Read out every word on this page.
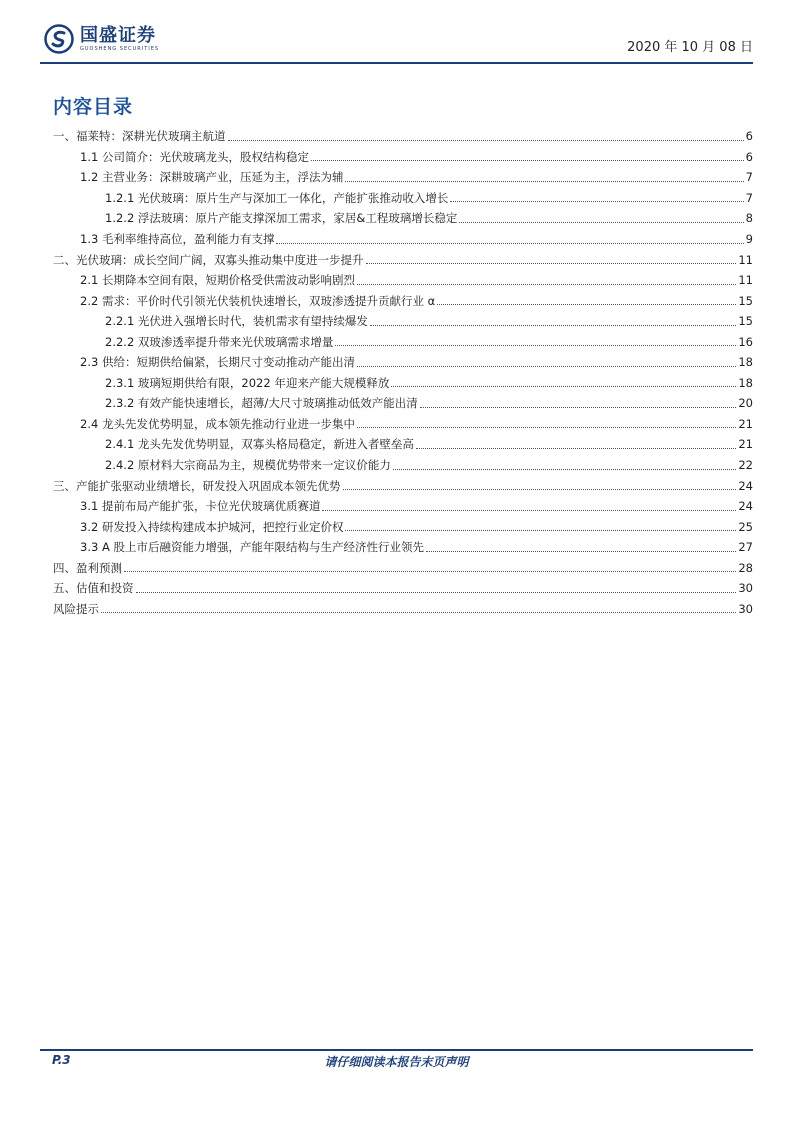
国盛证券
GUOSHENG SECURITIES	2020 年 10 月 08 日
内容目录
一、福莱特：深耕光伏玻璃主航道	6
1.1 公司简介：光伏玻璃龙头，股权结构稳定	6
1.2 主营业务：深耕玻璃产业，压延为主，浮法为辅	7
1.2.1 光伏玻璃：原片生产与深加工一体化，产能扩张推动收入增长	7
1.2.2 浮法玻璃：原片产能支撑深加工需求，家居&工程玻璃增长稳定	8
1.3 毛利率维持高位，盈利能力有支撑	9
二、光伏玻璃：成长空间广阔，双寡头推动集中度进一步提升	11
2.1 长期降本空间有限，短期价格受供需波动影响剧烈	11
2.2 需求：平价时代引领光伏装机快速增长，双玻渗透提升贡献行业 α	15
2.2.1 光伏进入强增长时代，装机需求有望持续爆发	15
2.2.2 双玻渗透率提升带来光伏玻璃需求增量	16
2.3 供给：短期供给偏紧，长期尺寸变动推动产能出清	18
2.3.1 玻璃短期供给有限，2022 年迎来产能大规模释放	18
2.3.2 有效产能快速增长，超薄/大尺寸玻璃推动低效产能出清	20
2.4 龙头先发优势明显，成本领先推动行业进一步集中	21
2.4.1 龙头先发优势明显，双寡头格局稳定，新进入者壁垒高	21
2.4.2 原材料大宗商品为主，规模优势带来一定议价能力	22
三、产能扩张驱动业绩增长，研发投入巩固成本领先优势	24
3.1 提前布局产能扩张，卡位光伏玻璃优质赛道	24
3.2 研发投入持续构建成本护城河，把控行业定价权	25
3.3 A 股上市后融资能力增强，产能年限结构与生产经济性行业领先	27
四、盈利预测	28
五、估值和投资	30
风险提示	30
P.3	请仔细阅读本报告末页声明
